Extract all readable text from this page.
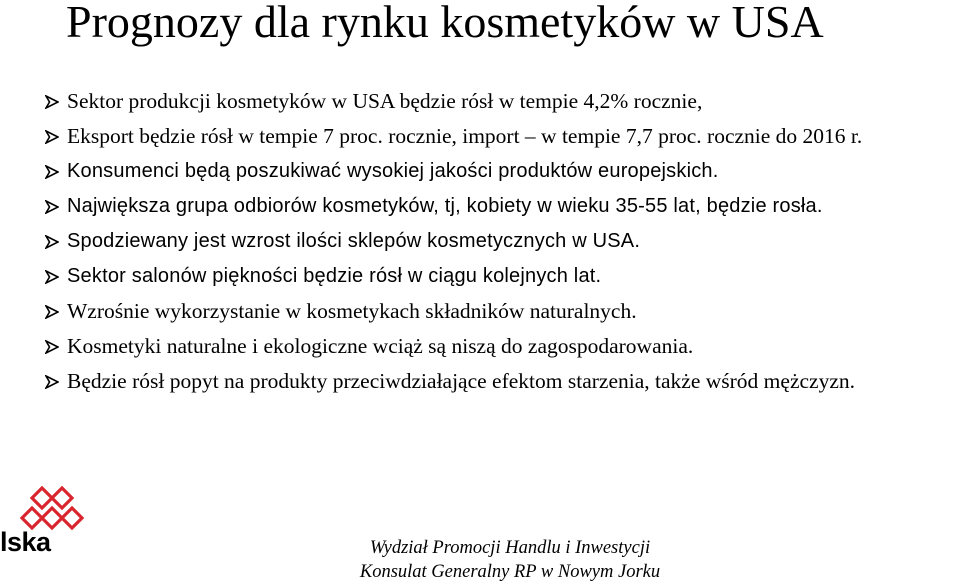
Prognozy dla rynku kosmetyków w USA
Sektor produkcji kosmetyków w USA będzie rósł w tempie 4,2% rocznie,
Eksport będzie rósł w tempie 7 proc. rocznie, import – w tempie 7,7 proc. rocznie do 2016 r.
Konsumenci będą poszukiwać wysokiej jakości produktów europejskich.
Największa grupa odbiorów kosmetyków, tj, kobiety w wieku 35-55 lat, będzie rosła.
Spodziewany jest wzrost ilości sklepów kosmetycznych w USA.
Sektor salonów piękności będzie rósł w ciągu kolejnych lat.
Wzrośnie wykorzystanie w kosmetykach składników naturalnych.
Kosmetyki naturalne i ekologiczne wciąż są niszą do zagospodarowania.
Będzie rósł popyt na produkty przeciwdziałające efektom starzenia, także wśród mężczyzn.
lska	Wydział Promocji Handlu i Inwestycji
Konsulat Generalny RP w Nowym Jorku
